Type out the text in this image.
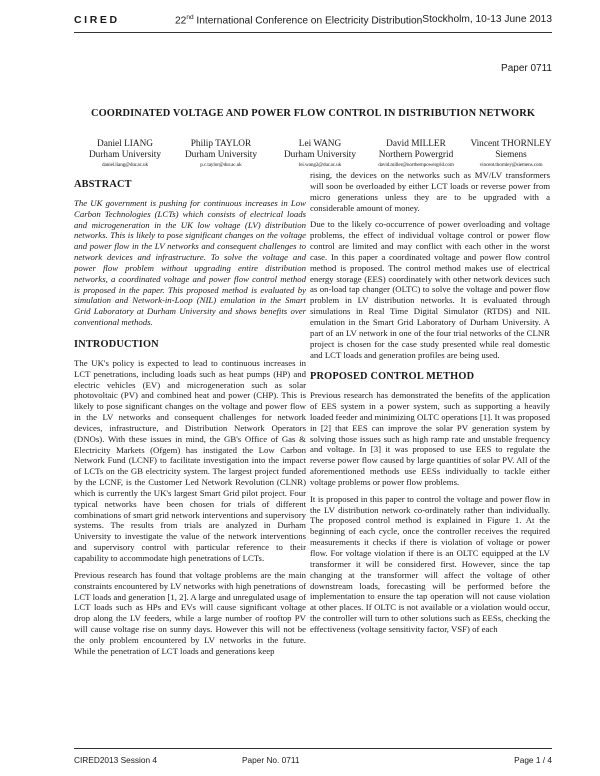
CIRED	22nd International Conference on Electricity Distribution Stockholm, 10-13 June 2013
Paper 0711
COORDINATED VOLTAGE AND POWER FLOW CONTROL IN DISTRIBUTION NETWORK
Daniel LIANG
Durham University
daniel.liang@dur.ac.uk
Philip TAYLOR
Durham University
p.c.taylor@dur.ac.uk
Lei WANG
Durham University
lei.wang2@dur.ac.uk
David MILLER
Northern Powergrid
david.miller@northernpowergrid.com
Vincent THORNLEY
Siemens
vincent.thornley@siemens.com
ABSTRACT

The UK government is pushing for continuous increases in Low Carbon Technologies (LCTs) which consists of electrical loads and microgeneration in the UK low voltage (LV) distribution networks. This is likely to pose significant changes on the voltage and power flow in the LV networks and consequent challenges to network devices and infrastructure. To solve the voltage and power flow problem without upgrading entire distribution networks, a coordinated voltage and power flow control method is proposed in the paper. This proposed method is evaluated by simulation and Network-in-Loop (NIL) emulation in the Smart Grid Laboratory at Durham University and shows benefits over conventional methods.

INTRODUCTION

The UK's policy is expected to lead to continuous increases in LCT penetrations, including loads such as heat pumps (HP) and electric vehicles (EV) and microgeneration such as solar photovoltaic (PV) and combined heat and power (CHP). This is likely to pose significant changes on the voltage and power flow in the LV networks and consequent challenges for network devices, infrastructure, and Distribution Network Operators (DNOs). With these issues in mind, the GB's Office of Gas & Electricity Markets (Ofgem) has instigated the Low Carbon Network Fund (LCNF) to facilitate investigation into the impact of LCTs on the GB electricity system. The largest project funded by the LCNF, is the Customer Led Network Revolution (CLNR) which is currently the UK's largest Smart Grid pilot project. Four typical networks have been chosen for trials of different combinations of smart grid network interventions and supervisory systems. The results from trials are analyzed in Durham University to investigate the value of the network interventions and supervisory control with particular reference to their capability to accommodate high penetrations of LCTs.

Previous research has found that voltage problems are the main constraints encountered by LV networks with high penetrations of LCT loads and generation [1, 2]. A large and unregulated usage of LCT loads such as HPs and EVs will cause significant voltage drop along the LV feeders, while a large number of rooftop PV will cause voltage rise on sunny days. However this will not be the only problem encountered by LV networks in the future. While the penetration of LCT loads and generations keep

rising, the devices on the networks such as MV/LV transformers will soon be overloaded by either LCT loads or reverse power from micro generations unless they are to be upgraded with a considerable amount of money.

Due to the likely co-occurrence of power overloading and voltage problems, the effect of individual voltage control or power flow control are limited and may conflict with each other in the worst case. In this paper a coordinated voltage and power flow control method is proposed. The control method makes use of electrical energy storage (EES) coordinately with other network devices such as on-load tap changer (OLTC) to solve the voltage and power flow problem in LV distribution networks. It is evaluated through simulations in Real Time Digital Simulator (RTDS) and NIL emulation in the Smart Grid Laboratory of Durham University. A part of an LV network in one of the four trial networks of the CLNR project is chosen for the case study presented while real domestic and LCT loads and generation profiles are being used.

PROPOSED CONTROL METHOD

Previous research has demonstrated the benefits of the application of EES system in a power system, such as supporting a heavily loaded feeder and minimizing OLTC operations [1]. It was proposed in [2] that EES can improve the solar PV generation system by solving those issues such as high ramp rate and unstable frequency and voltage. In [3] it was proposed to use EES to regulate the reverse power flow caused by large quantities of solar PV. All of the aforementioned methods use EESs individually to tackle either voltage problems or power flow problems.

It is proposed in this paper to control the voltage and power flow in the LV distribution network co-ordinately rather than individually. The proposed control method is explained in Figure 1. At the beginning of each cycle, once the controller receives the required measurements it checks if there is violation of voltage or power flow. For voltage violation if there is an OLTC equipped at the LV transformer it will be considered first. However, since the tap changing at the transformer will affect the voltage of other downstream loads, forecasting will be performed before the implementation to ensure the tap operation will not cause violation at other places. If OLTC is not available or a violation would occur, the controller will turn to other solutions such as EESs, checking the effectiveness (voltage sensitivity factor, VSF) of each

CIRED2013 Session 4	Paper No. 0711	Page 1 / 4
